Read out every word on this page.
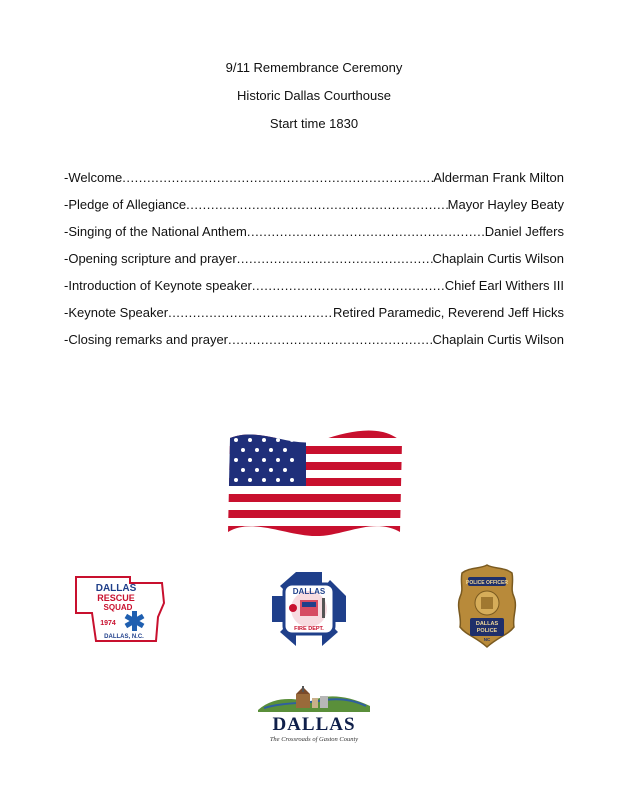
9/11 Remembrance Ceremony
Historic Dallas Courthouse
Start time 1830
-Welcome .....	Alderman Frank Milton
-Pledge of Allegiance .....	Mayor Hayley Beaty
-Singing of the National Anthem .....	Daniel Jeffers
-Opening scripture and prayer .....	Chaplain Curtis Wilson
-Introduction of Keynote speaker .....	Chief Earl Withers III
-Keynote Speaker .....	Retired Paramedic, Reverend Jeff Hicks
-Closing remarks and prayer .....	Chaplain Curtis Wilson
DALLAS
RESCUE
SQUAD
1974
DALLAS, N.C.
DALLAS
FIRE DEPT.
POLICE OFFICER
DALLAS
POLICE
NC
DALLAS
The Crossroads of Gaston County
